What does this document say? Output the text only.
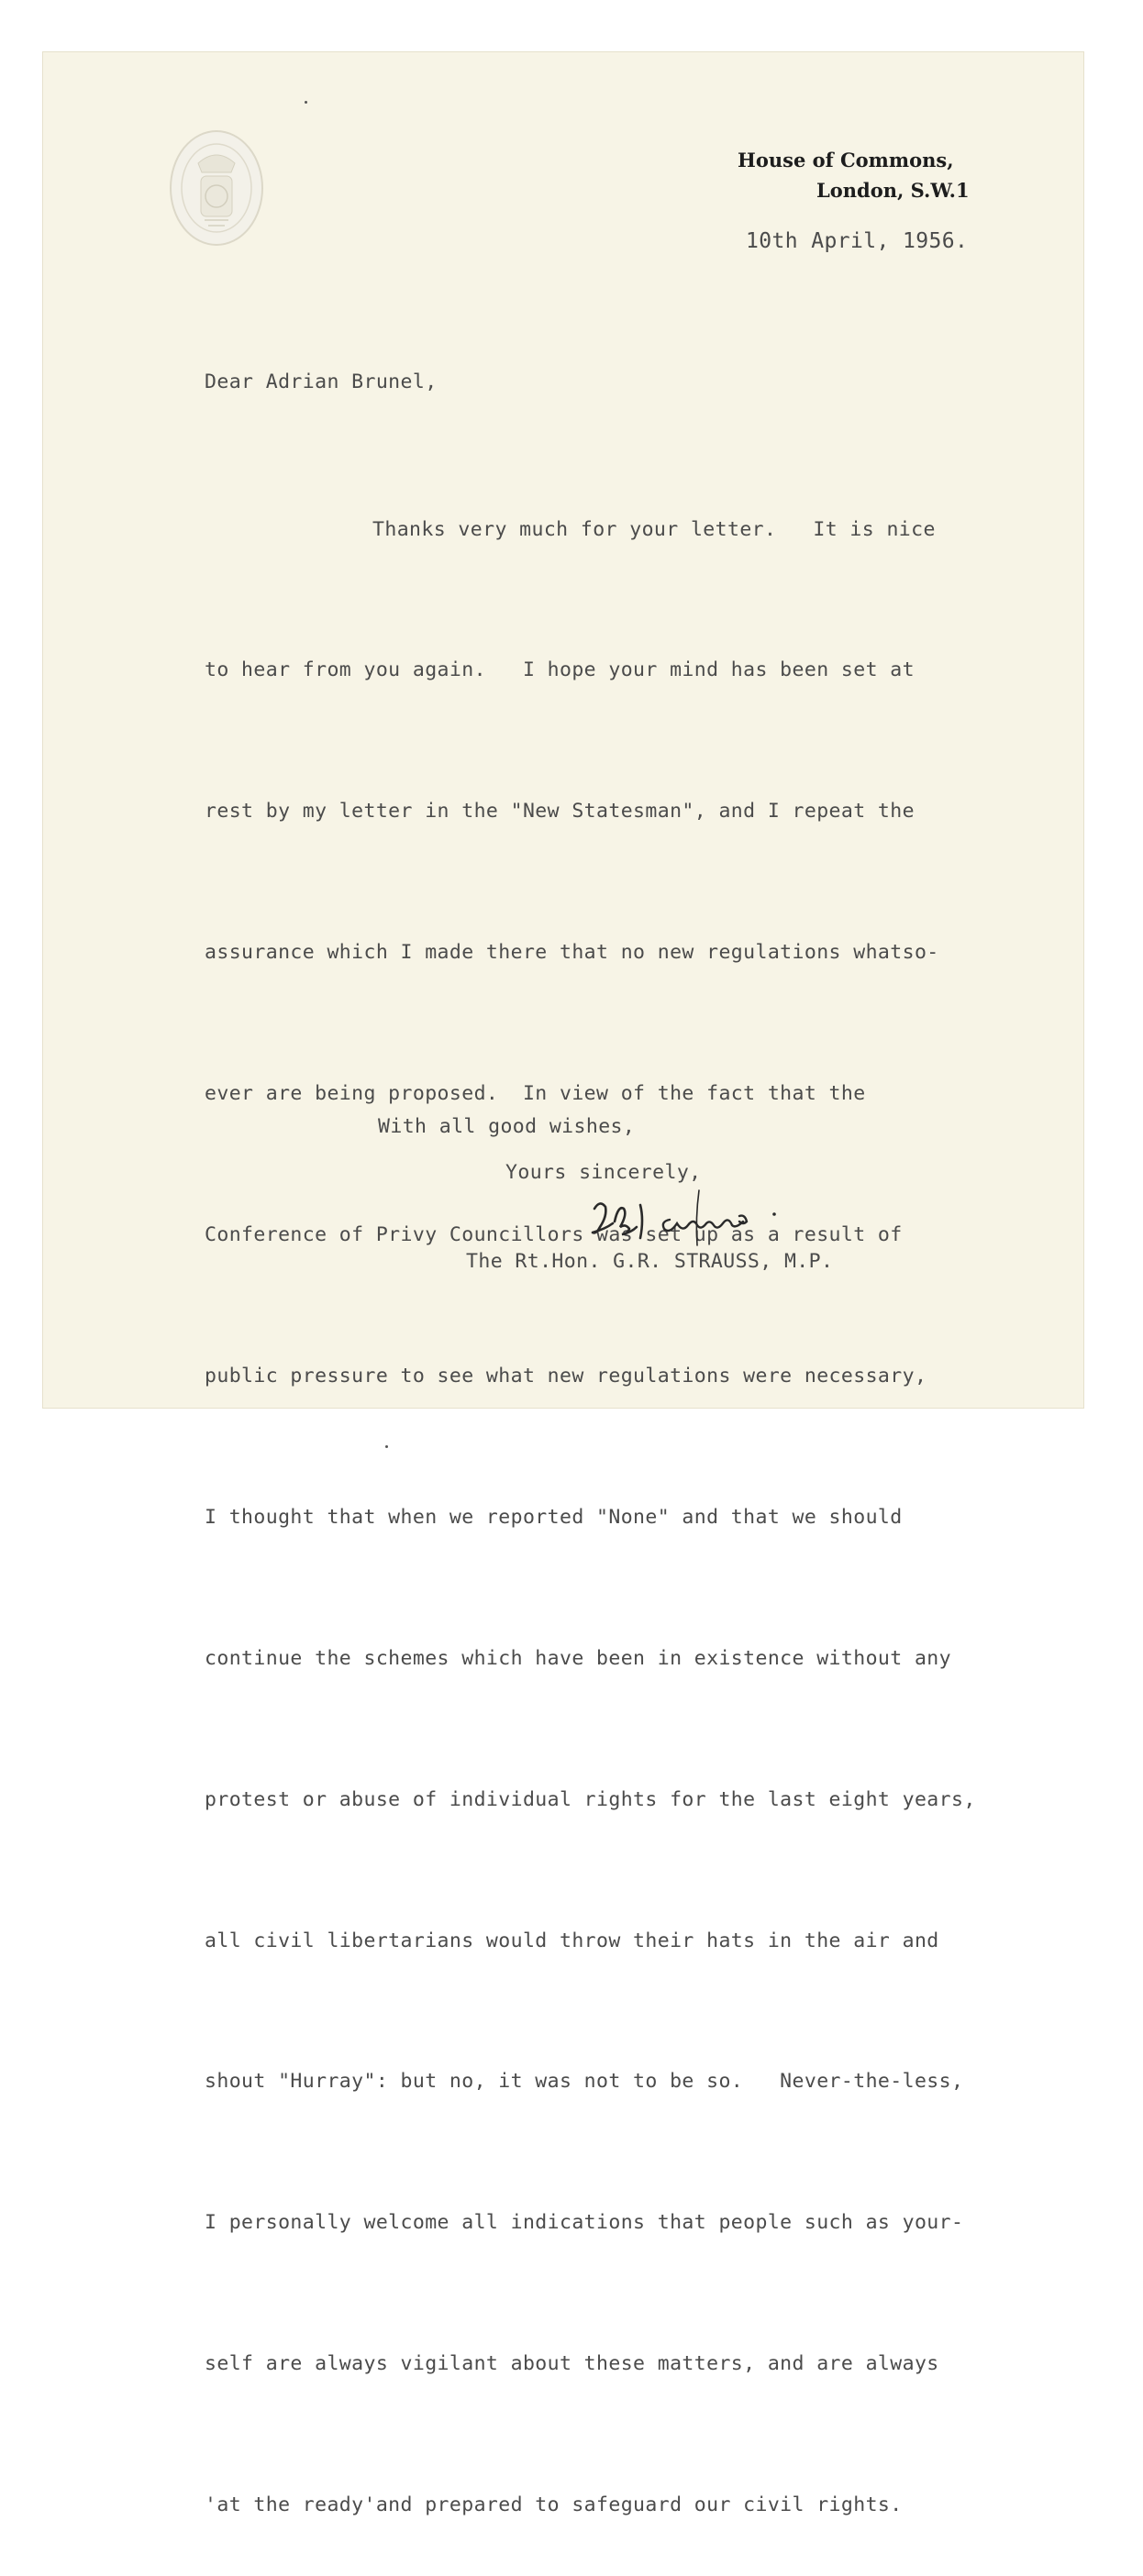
House of Commons,
London, S.W.1
10th April, 1956.
Dear Adrian Brunel,

Thanks very much for your letter.   It is nice

to hear from you again.   I hope your mind has been set at

rest by my letter in the "New Statesman", and I repeat the

assurance which I made there that no new regulations whatso-

ever are being proposed.  In view of the fact that the

Conference of Privy Councillors was set up as a result of

public pressure to see what new regulations were necessary,

I thought that when we reported "None" and that we should

continue the schemes which have been in existence without any

protest or abuse of individual rights for the last eight years,

all civil libertarians would throw their hats in the air and

shout "Hurray": but no, it was not to be so.   Never-the-less,

I personally welcome all indications that people such as your-

self are always vigilant about these matters, and are always

'at the ready'and prepared to safeguard our civil rights.

With all good wishes,
Yours sincerely,
The Rt.Hon. G.R. STRAUSS, M.P.
